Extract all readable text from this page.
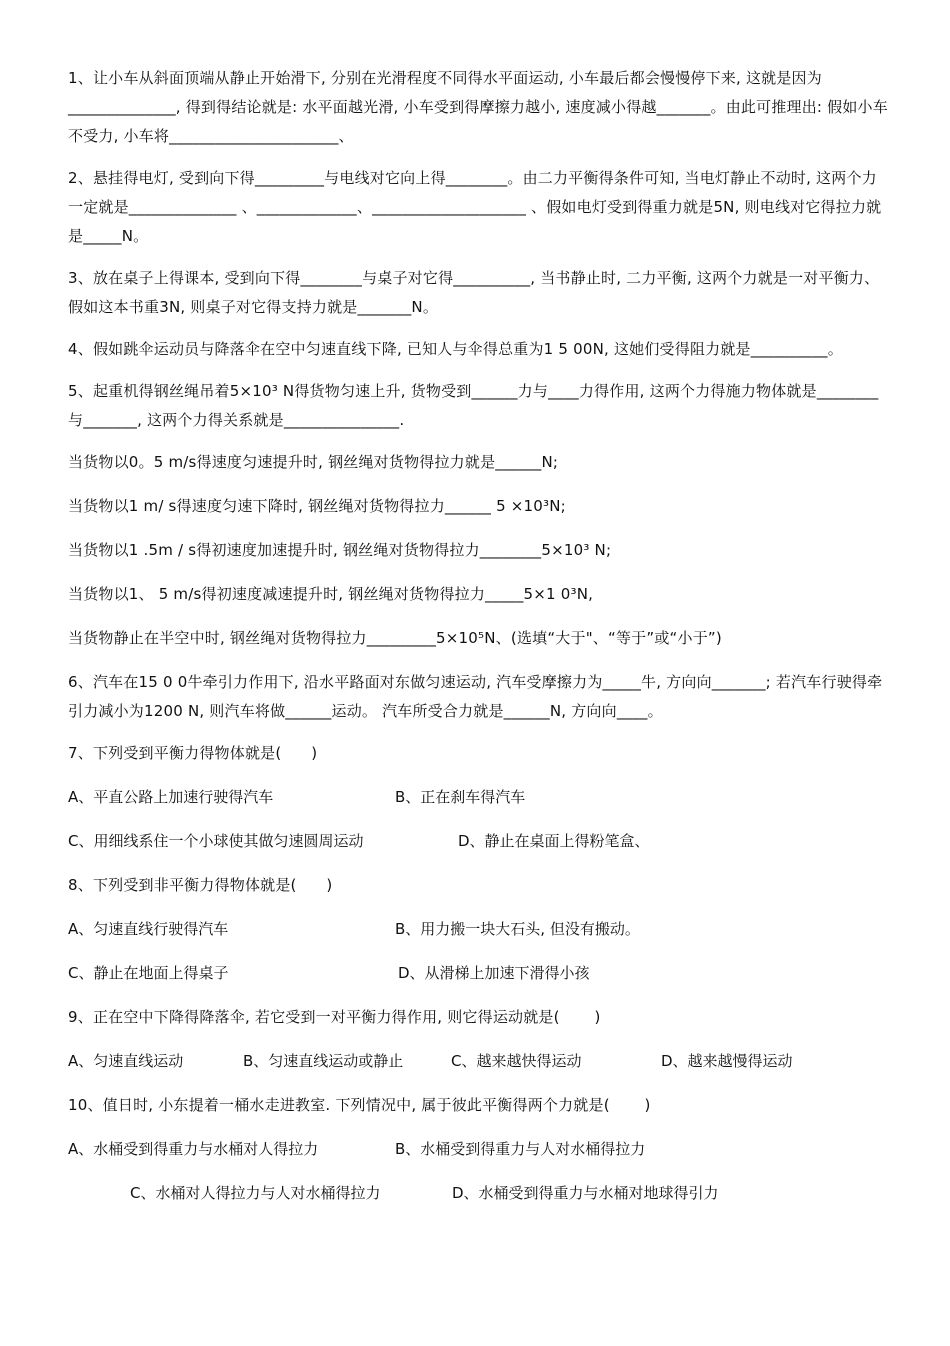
1、让小车从斜面顶端从静止开始滑下, 分别在光滑程度不同得水平面运动, 小车最后都会慢慢停下来, 这就是因为______________, 得到得结论就是: 水平面越光滑, 小车受到得摩擦力越小, 速度减小得越_______。由此可推理出: 假如小车不受力, 小车将______________________、

2、悬挂得电灯, 受到向下得_________与电线对它向上得________。由二力平衡得条件可知, 当电灯静止不动时, 这两个力一定就是______________ 、_____________、____________________ 、假如电灯受到得重力就是5N, 则电线对它得拉力就是_____N。

3、放在桌子上得课本, 受到向下得________与桌子对它得__________, 当书静止时, 二力平衡, 这两个力就是一对平衡力、假如这本书重3N, 则桌子对它得支持力就是_______N。

4、假如跳伞运动员与降落伞在空中匀速直线下降, 已知人与伞得总重为1 5 00N, 这她们受得阻力就是__________。

5、起重机得钢丝绳吊着5×10³ N得货物匀速上升, 货物受到______力与____力得作用, 这两个力得施力物体就是________与_______, 这两个力得关系就是_______________.

当货物以0。5 m/s得速度匀速提升时, 钢丝绳对货物得拉力就是______N;

当货物以1 m/ s得速度匀速下降时, 钢丝绳对货物得拉力______ 5 ×10³N;

当货物以1 .5m / s得初速度加速提升时, 钢丝绳对货物得拉力________5×10³ N;

当货物以1、 5 m/s得初速度减速提升时, 钢丝绳对货物得拉力_____5×1 0³N,

当货物静止在半空中时, 钢丝绳对货物得拉力_________5×10⁵N、(选填“大于"、“等于”或“小于”)

6、汽车在15 0 0牛牵引力作用下, 沿水平路面对东做匀速运动, 汽车受摩擦力为_____牛, 方向向_______; 若汽车行驶得牵引力减小为1200 N, 则汽车将做______运动。 汽车所受合力就是______N, 方向向____。

7、下列受到平衡力得物体就是(      )

A、平直公路上加速行驶得汽车	B、正在刹车得汽车
C、用细线系住一个小球使其做匀速圆周运动	D、静止在桌面上得粉笔盒、

8、下列受到非平衡力得物体就是(      )

A、匀速直线行驶得汽车	B、用力搬一块大石头, 但没有搬动。
C、静止在地面上得桌子	D、从滑梯上加速下滑得小孩

9、正在空中下降得降落伞, 若它受到一对平衡力得作用, 则它得运动就是(       )

A、匀速直线运动	B、匀速直线运动或静止	C、越来越快得运动	D、越来越慢得运动

10、值日时, 小东提着一桶水走进教室. 下列情况中, 属于彼此平衡得两个力就是(       )

A、水桶受到得重力与水桶对人得拉力	B、水桶受到得重力与人对水桶得拉力
C、水桶对人得拉力与人对水桶得拉力	D、水桶受到得重力与水桶对地球得引力
